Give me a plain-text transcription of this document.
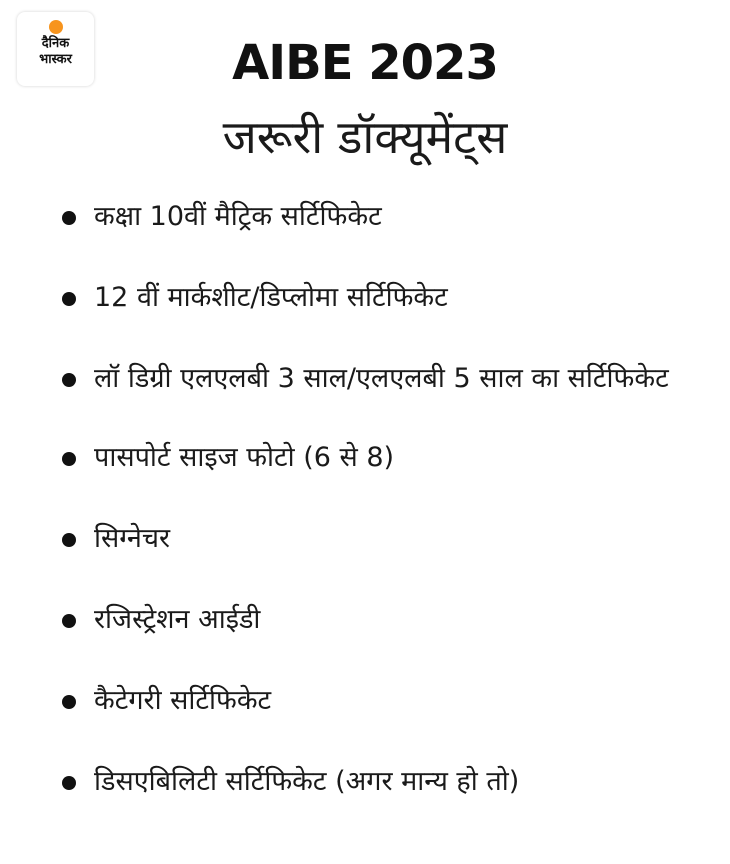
दैनिक
भास्कर	AIBE 2023
जरूरी डॉक्यूमेंट्स
कक्षा 10वीं मैट्रिक सर्टिफिकेट
12 वीं मार्कशीट/डिप्लोमा सर्टिफिकेट
लॉ डिग्री एलएलबी 3 साल/एलएलबी 5 साल का सर्टिफिकेट
पासपोर्ट साइज फोटो (6 से 8)
सिग्नेचर
रजिस्ट्रेशन आईडी
कैटेगरी सर्टिफिकेट
डिसएबिलिटी सर्टिफिकेट (अगर मान्य हो तो)
